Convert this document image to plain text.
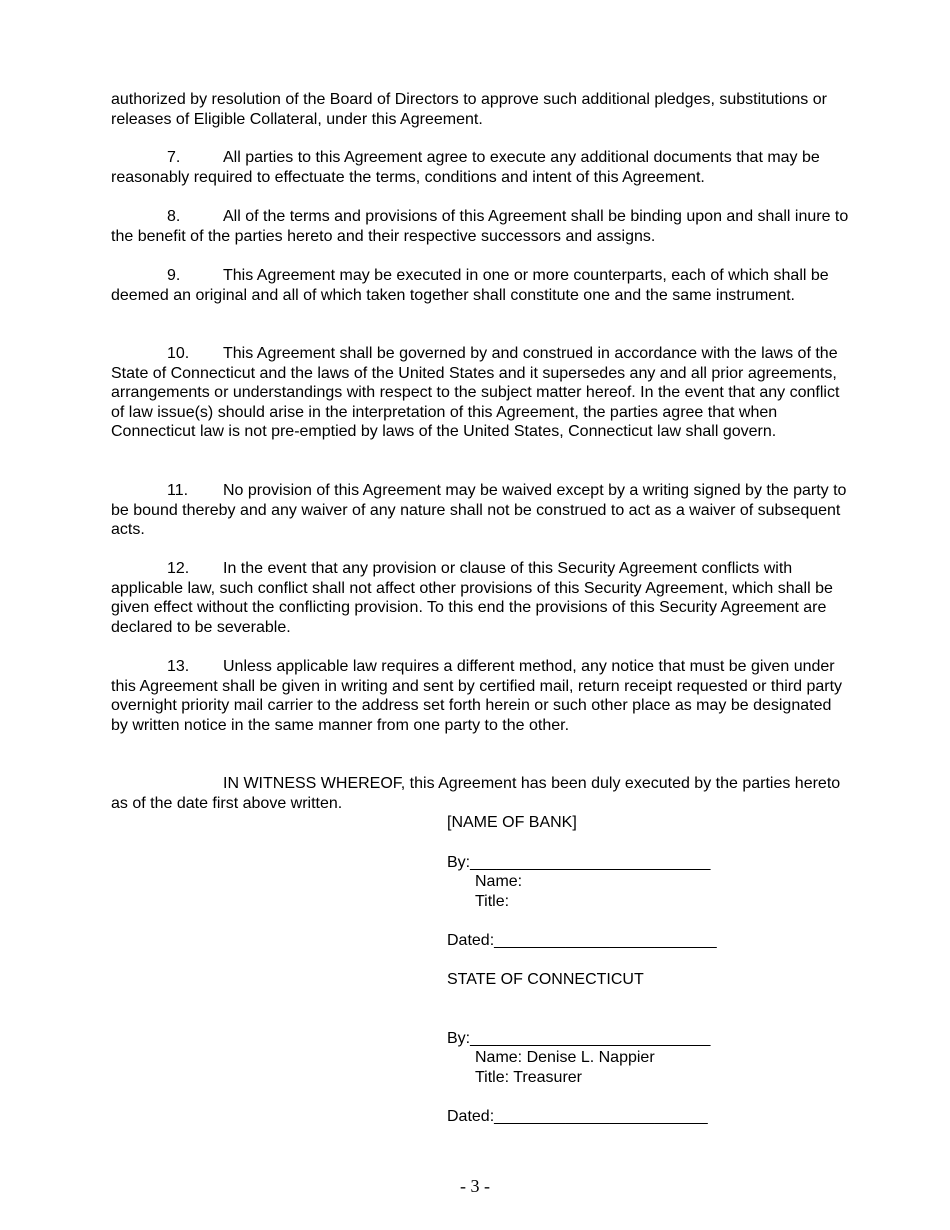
authorized by resolution of the Board of Directors to approve such additional pledges, substitutions or releases of Eligible Collateral, under this Agreement.

7.	All parties to this Agreement agree to execute any additional documents that may be reasonably required to effectuate the terms, conditions and intent of this Agreement.

8.	All of the terms and provisions of this Agreement shall be binding upon and shall inure to the benefit of the parties hereto and their respective successors and assigns.

9.	This Agreement may be executed in one or more counterparts, each of which shall be deemed an original and all of which taken together shall constitute one and the same instrument.

10. This Agreement shall be governed by and construed in accordance with the laws of the State of Connecticut and the laws of the United States and it supersedes any and all prior agreements, arrangements or understandings with respect to the subject matter hereof. In the event that any conflict of law issue(s) should arise in the interpretation of this Agreement, the parties agree that when Connecticut law is not pre-emptied by laws of the United States, Connecticut law shall govern.

11. No provision of this Agreement may be waived except by a writing signed by the party to be bound thereby and any waiver of any nature shall not be construed to act as a waiver of subsequent acts.

12. In the event that any provision or clause of this Security Agreement conflicts with applicable law, such conflict shall not affect other provisions of this Security Agreement, which shall be given effect without the conflicting provision. To this end the provisions of this Security Agreement are declared to be severable.

13. Unless applicable law requires a different method, any notice that must be given under this Agreement shall be given in writing and sent by certified mail, return receipt requested or third party overnight priority mail carrier to the address set forth herein or such other place as may be designated by written notice in the same manner from one party to the other.

IN WITNESS WHEREOF, this Agreement has been duly executed by the parties hereto as of the date first above written.

[NAME OF BANK]
By:___________________________
Name:
Title:
Dated:_________________________
STATE OF CONNECTICUT
By:___________________________
Name: Denise L. Nappier
Title: Treasurer
Dated:________________________
- 3 -
